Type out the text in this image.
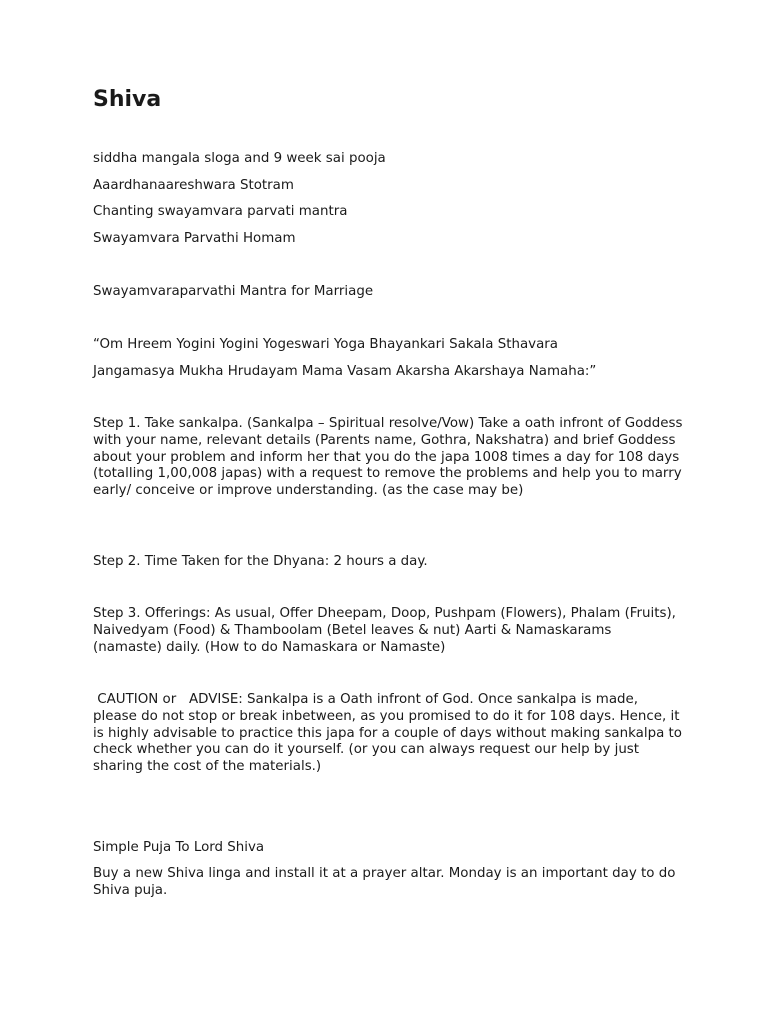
Shiva

siddha mangala sloga and 9 week sai pooja

Aaardhanaareshwara Stotram

Chanting swayamvara parvati mantra

Swayamvara Parvathi Homam

Swayamvaraparvathi Mantra for Marriage

“Om Hreem Yogini Yogini Yogeswari Yoga Bhayankari Sakala Sthavara

Jangamasya Mukha Hrudayam Mama Vasam Akarsha Akarshaya Namaha:”

Step 1. Take sankalpa. (Sankalpa – Spiritual resolve/Vow) Take a oath infront of Goddess with your name, relevant details (Parents name, Gothra, Nakshatra) and brief Goddess about your problem and inform her that you do the japa 1008 times a day for 108 days (totalling 1,00,008 japas) with a request to remove the problems and help you to marry early/ conceive or improve understanding. (as the case may be)

Step 2. Time Taken for the Dhyana: 2 hours a day.

Step 3. Offerings: As usual, Offer Dheepam, Doop, Pushpam (Flowers), Phalam (Fruits), Naivedyam (Food) & Thamboolam (Betel leaves & nut) Aarti & Namaskarams (namaste) daily. (How to do Namaskara or Namaste)

CAUTION or   ADVISE: Sankalpa is a Oath infront of God. Once sankalpa is made, please do not stop or break inbetween, as you promised to do it for 108 days. Hence, it is highly advisable to practice this japa for a couple of days without making sankalpa to check whether you can do it yourself. (or you can always request our help by just sharing the cost of the materials.)

Simple Puja To Lord Shiva

Buy a new Shiva linga and install it at a prayer altar. Monday is an important day to do Shiva puja.
